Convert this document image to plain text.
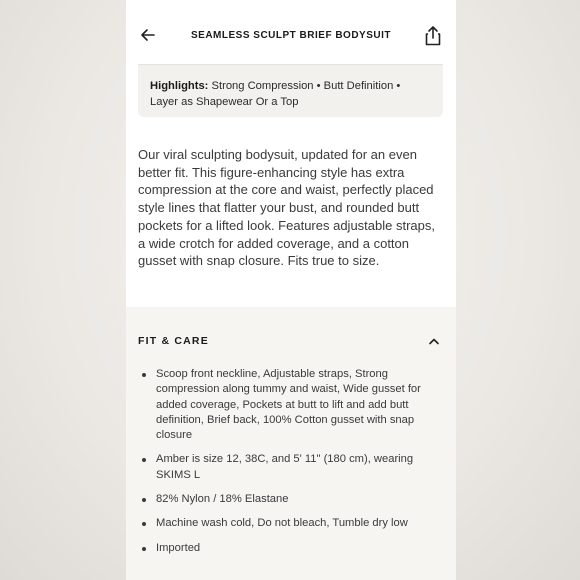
SEAMLESS SCULPT BRIEF BODYSUIT
Highlights: Strong Compression • Butt Definition • Layer as Shapewear Or a Top
Our viral sculpting bodysuit, updated for an even better fit. This figure-enhancing style has extra compression at the core and waist, perfectly placed style lines that flatter your bust, and rounded butt pockets for a lifted look. Features adjustable straps, a wide crotch for added coverage, and a cotton gusset with snap closure. Fits true to size.
FIT & CARE
Scoop front neckline, Adjustable straps, Strong compression along tummy and waist, Wide gusset for added coverage, Pockets at butt to lift and add butt definition, Brief back, 100% Cotton gusset with snap closure
Amber is size 12, 38C, and 5' 11" (180 cm), wearing SKIMS L
82% Nylon / 18% Elastane
Machine wash cold, Do not bleach, Tumble dry low
Imported
